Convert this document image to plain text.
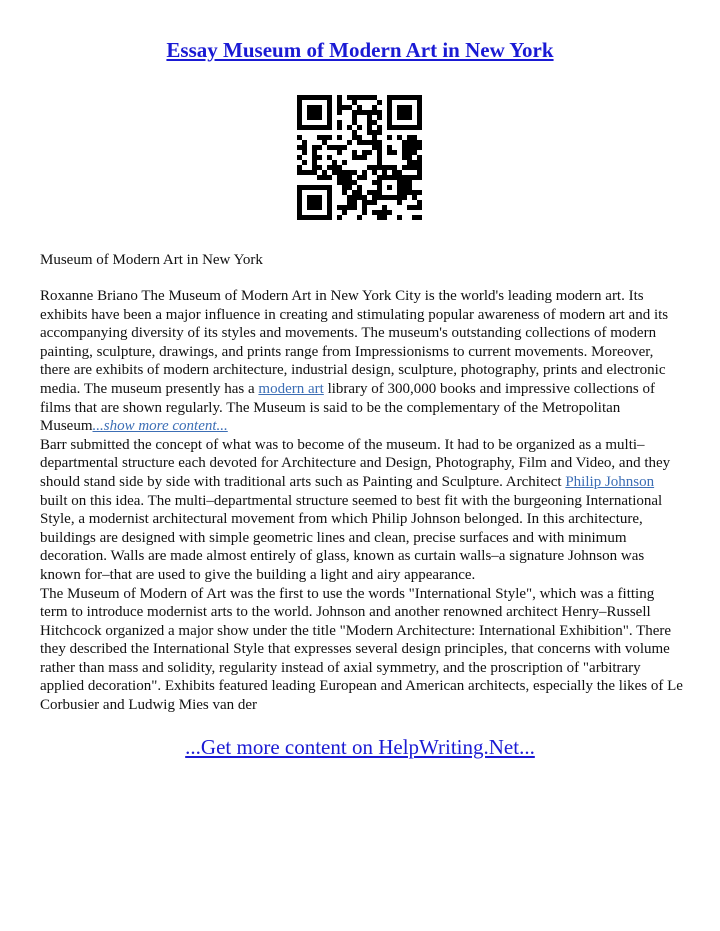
Essay Museum of Modern Art in New York
Museum of Modern Art in New York

Roxanne Briano The Museum of Modern Art in New York City is the world's leading modern art. Its exhibits have been a major influence in creating and stimulating popular awareness of modern art and its accompanying diversity of its styles and movements. The museum's outstanding collections of modern painting, sculpture, drawings, and prints range from Impressionisms to current movements. Moreover, there are exhibits of modern architecture, industrial design, sculpture, photography, prints and electronic media. The museum presently has a modern art library of 300,000 books and impressive collections of films that are shown regularly. The Museum is said to be the complementary of the Metropolitan Museum...show more content...

Barr submitted the concept of what was to become of the museum. It had to be organized as a multi–departmental structure each devoted for Architecture and Design, Photography, Film and Video, and they should stand side by side with traditional arts such as Painting and Sculpture. Architect Philip Johnson built on this idea. The multi–departmental structure seemed to best fit with the burgeoning International Style, a modernist architectural movement from which Philip Johnson belonged. In this architecture, buildings are designed with simple geometric lines and clean, precise surfaces and with minimum decoration. Walls are made almost entirely of glass, known as curtain walls–a signature Johnson was known for–that are used to give the building a light and airy appearance.

The Museum of Modern of Art was the first to use the words "International Style", which was a fitting term to introduce modernist arts to the world. Johnson and another renowned architect Henry–Russell Hitchcock organized a major show under the title "Modern Architecture: International Exhibition". There they described the International Style that expresses several design principles, that concerns with volume rather than mass and solidity, regularity instead of axial symmetry, and the proscription of "arbitrary applied decoration". Exhibits featured leading European and American architects, especially the likes of Le Corbusier and Ludwig Mies van der

...Get more content on HelpWriting.Net...
